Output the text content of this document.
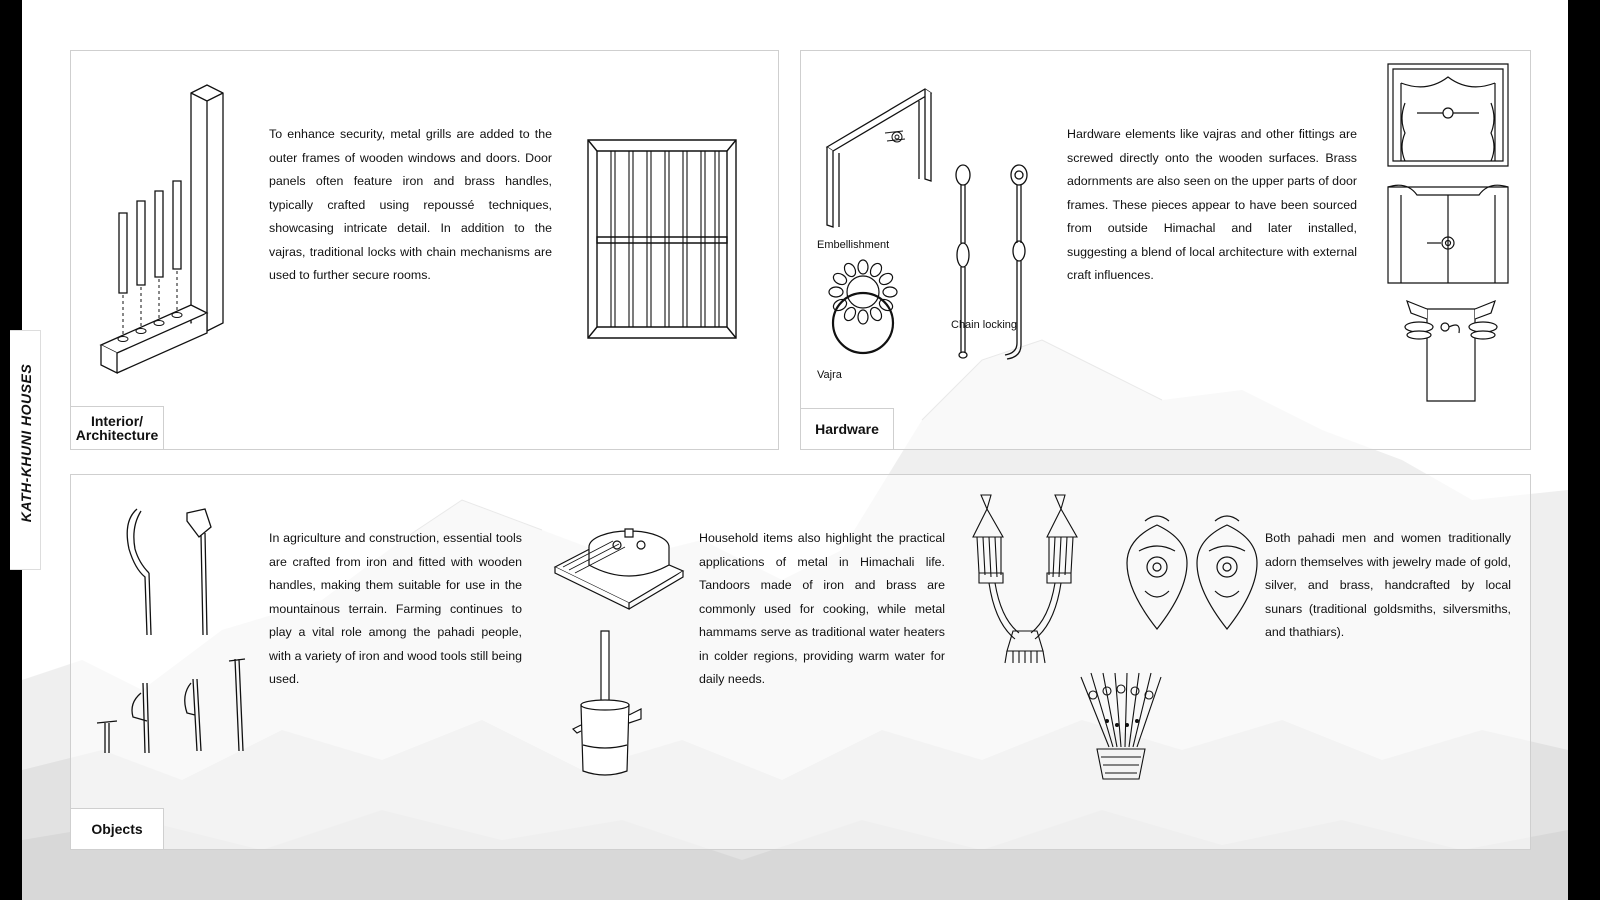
KATH-KHUNI HOUSES
To enhance security, metal grills are added to the outer frames of wooden windows and doors. Door panels often feature iron and brass handles, typically crafted using repoussé techniques, showcasing intricate detail. In addition to the vajras, traditional locks with chain mechanisms are used to further secure rooms.
Interior/
Architecture
Embellishment
Vajra
Chain locking
Hardware elements like vajras and other fittings are screwed directly onto the wooden surfaces. Brass adornments are also seen on the upper parts of door frames. These pieces appear to have been sourced from outside Himachal and later installed, suggesting a blend of local architecture with external craft influences.
Hardware
In agriculture and construction, essential tools are crafted from iron and fitted with wooden handles, making them suitable for use in the mountainous terrain. Farming continues to play a vital role among the pahadi people, with a variety of iron and wood tools still being used.
Household items also highlight the practical applications of metal in Himachali life. Tandoors made of iron and brass are commonly used for cooking, while metal hammams serve as traditional water heaters in colder regions, providing warm water for daily needs.
Both pahadi men and women traditionally adorn themselves with jewelry made of gold, silver, and brass, handcrafted by local sunars (traditional goldsmiths, silversmiths, and thathiars).
Objects
